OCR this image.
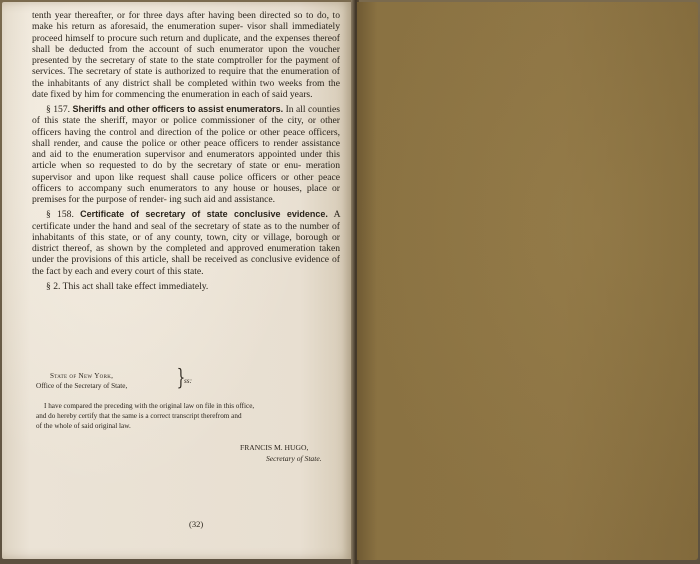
tenth year thereafter, or for three days after having been directed so to do, to make his return as aforesaid, the enumeration super- visor shall immediately proceed himself to procure such return and duplicate, and the expenses thereof shall be deducted from the account of such enumerator upon the voucher presented by the secretary of state to the state comptroller for the payment of services. The secretary of state is authorized to require that the enumeration of the inhabitants of any district shall be completed within two weeks from the date fixed by him for commencing the enumeration in each of said years.

§ 157. Sheriffs and other officers to assist enumerators. In all counties of this state the sheriff, mayor or police commissioner of the city, or other officers having the control and direction of the police or other peace officers, shall render, and cause the police or other peace officers to render assistance and aid to the enumeration supervisor and enumerators appointed under this article when so requested to do by the secretary of state or enu- meration supervisor and upon like request shall cause police officers or other peace officers to accompany such enumerators to any house or houses, place or premises for the purpose of render- ing such aid and assistance.

§ 158. Certificate of secretary of state conclusive evidence. A certificate under the hand and seal of the secretary of state as to the number of inhabitants of this state, or of any county, town, city or village, borough or district thereof, as shown by the completed and approved enumeration taken under the provisions of this article, shall be received as conclusive evidence of the fact by each and every court of this state.

§ 2. This act shall take effect immediately.

State of New York,
Office of the Secretary of State,	}
ss:
I have compared the preceding with the original law on file in this office,
and do hereby certify that the same is a correct transcript therefrom and
of the whole of said original law.
FRANCIS M. HUGO,
Secretary of State.
(32)
